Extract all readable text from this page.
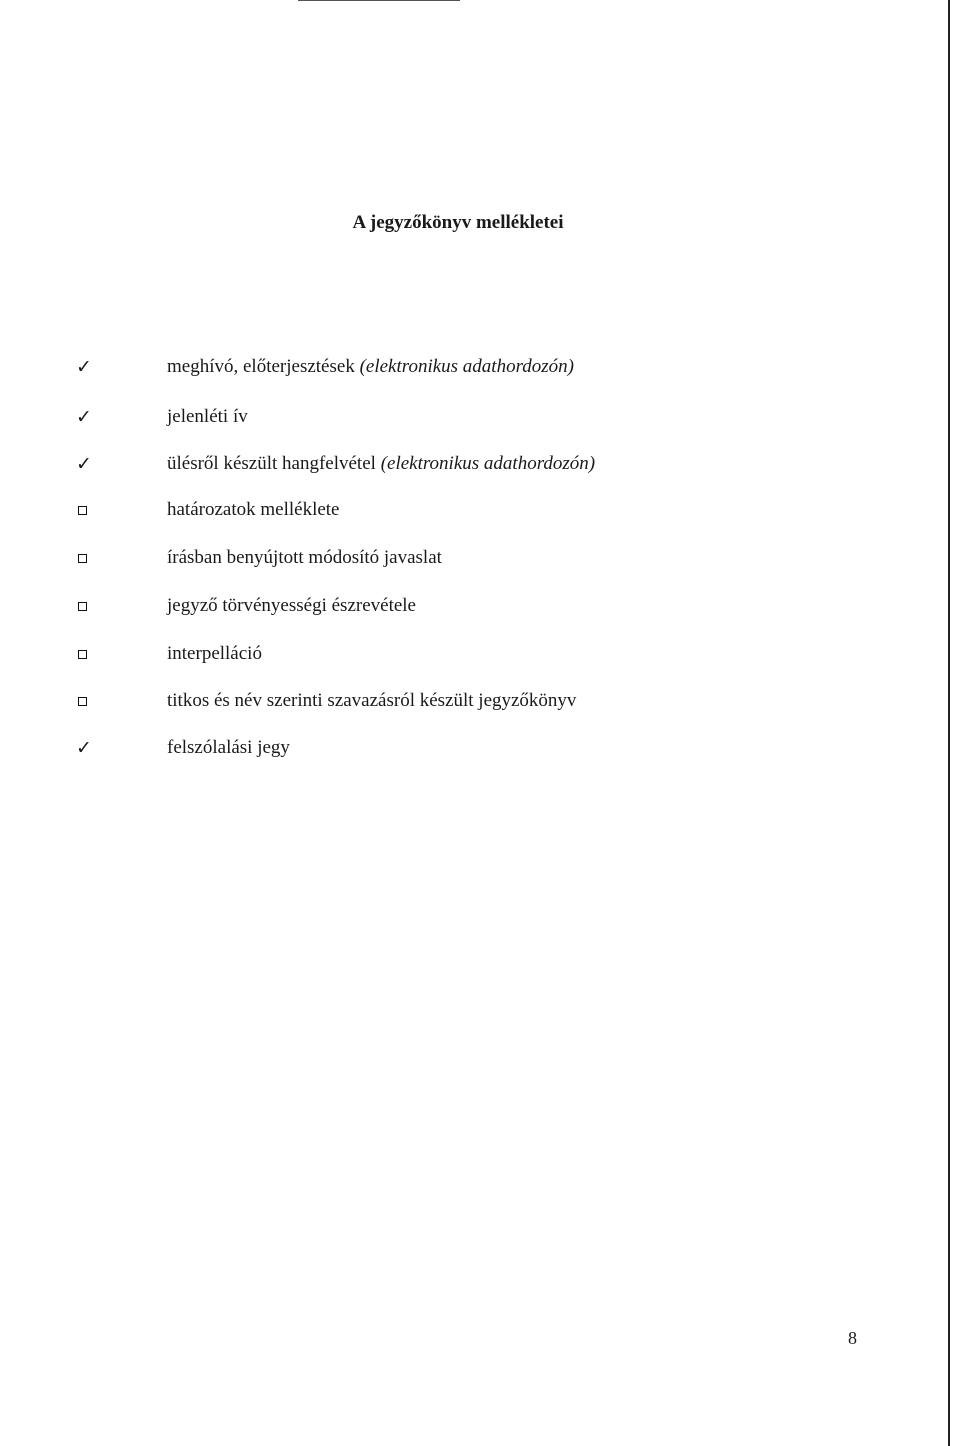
A jegyzőkönyv mellékletei
✓	meghívó, előterjesztések (elektronikus adathordozón)
✓	jelenléti ív
✓	ülésről készült hangfelvétel (elektronikus adathordozón)
határozatok melléklete
írásban benyújtott módosító javaslat
jegyző törvényességi észrevétele
interpelláció
titkos és név szerinti szavazásról készült jegyzőkönyv
✓	felszólalási jegy
8
